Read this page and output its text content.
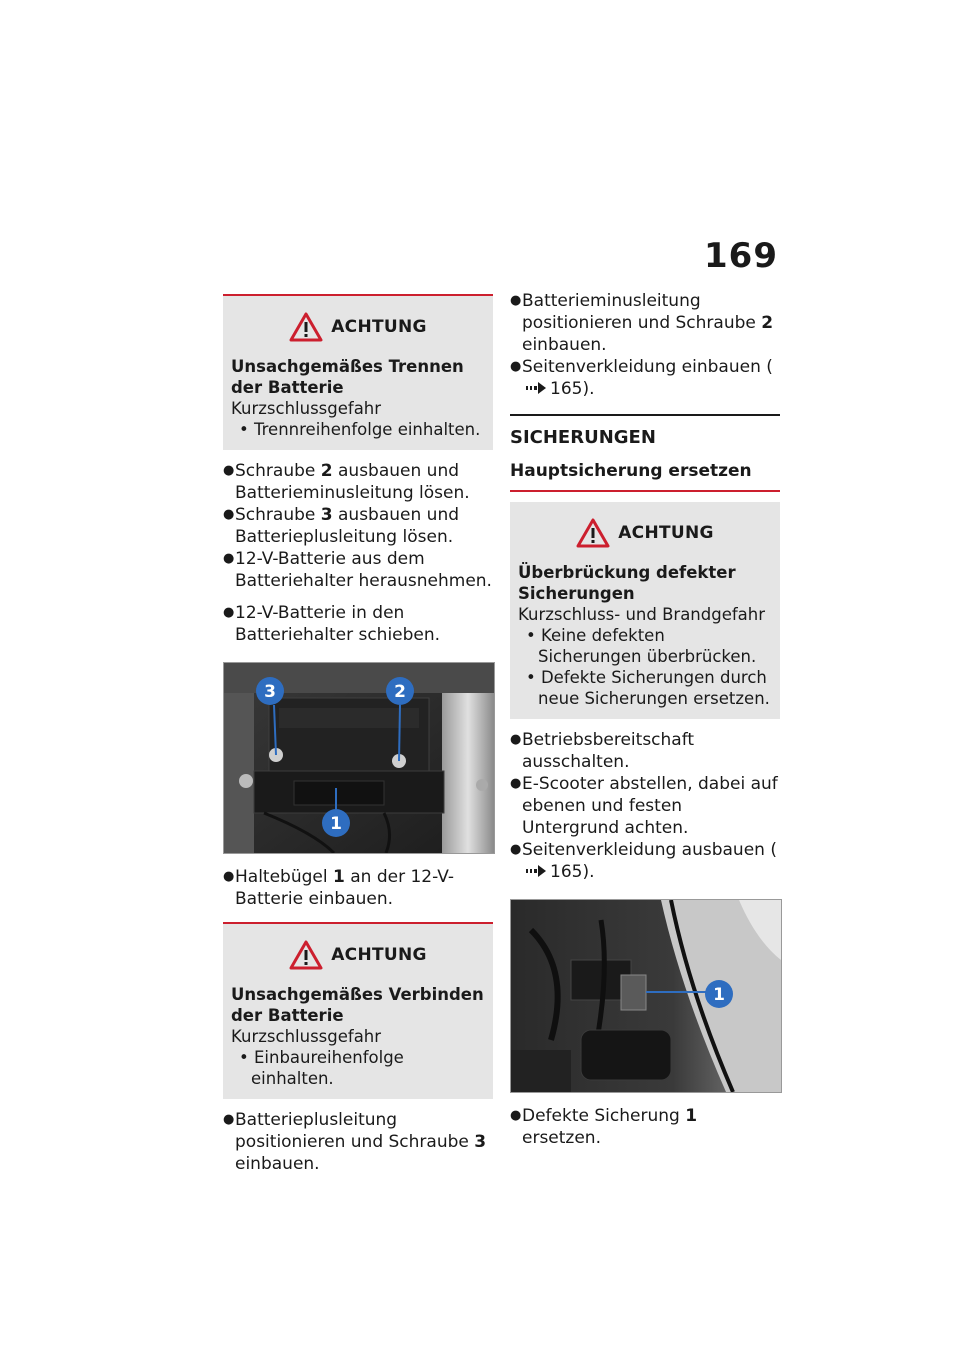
169
ACHTUNG
Unsachgemäßes Trennen der Batterie
Kurzschlussgefahr
• Trennreihenfolge einhalten.
● Schraube 2 ausbauen und Batterieminusleitung lösen.
● Schraube 3 ausbauen und Batterieplusleitung lösen.
● 12-V-Batterie aus dem Batteriehalter herausnehmen.
● 12-V-Batterie in den Batteriehalter schieben.
3	2
1
● Haltebügel 1 an der 12-V-Batterie einbauen.
ACHTUNG
Unsachgemäßes Verbinden der Batterie
Kurzschlussgefahr
• Einbaureihenfolge einhalten.
● Batterieplusleitung positionieren und Schraube 3 einbauen.
● Batterieminusleitung positionieren und Schraube 2 einbauen.
● Seitenverkleidung einbauen (165).
SICHERUNGEN
Hauptsicherung ersetzen
ACHTUNG
Überbrückung defekter Sicherungen
Kurzschluss- und Brandgefahr
• Keine defekten Sicherungen überbrücken.
• Defekte Sicherungen durch neue Sicherungen ersetzen.
● Betriebsbereitschaft ausschalten.
● E-Scooter abstellen, dabei auf ebenen und festen Untergrund achten.
● Seitenverkleidung ausbauen (165).
1
● Defekte Sicherung 1 ersetzen.
